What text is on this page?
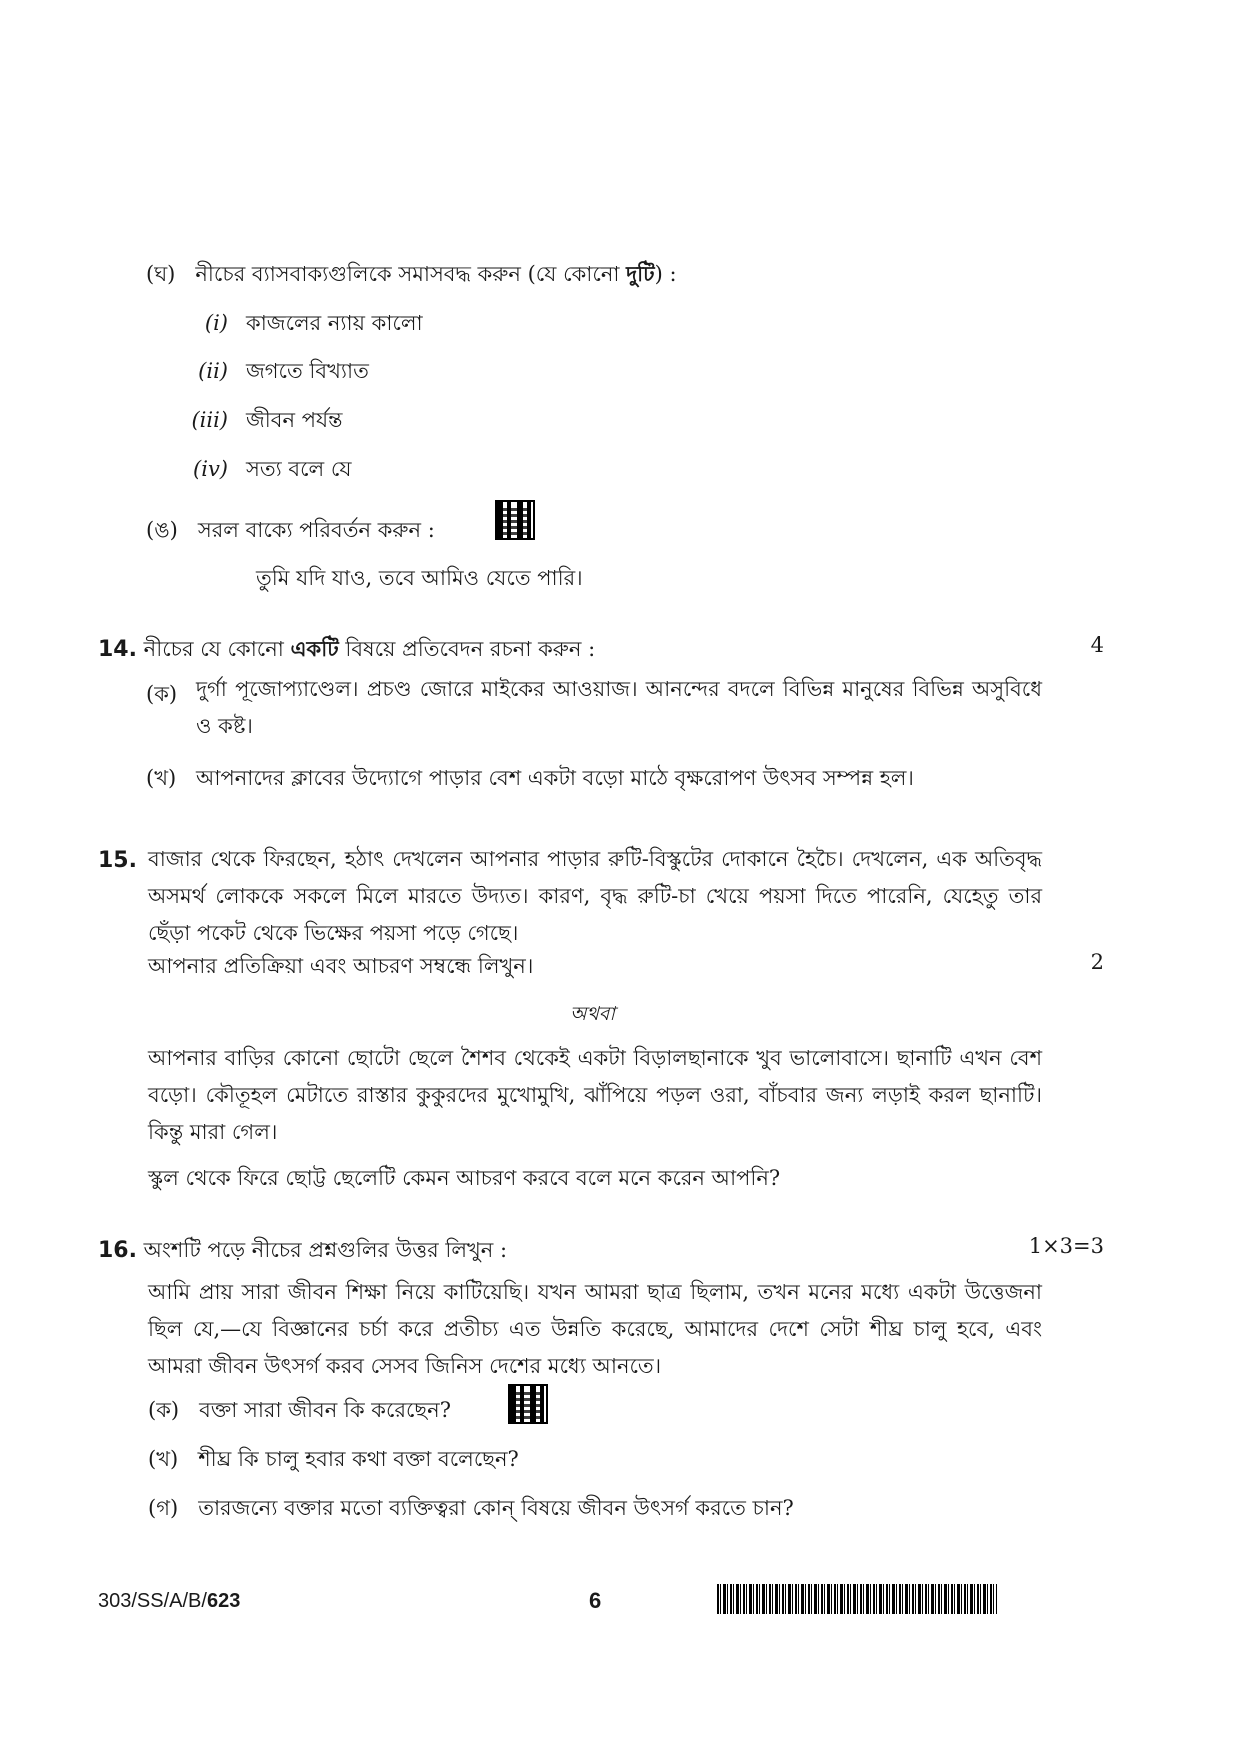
(ঘ) নীচের ব্যাসবাক্যগুলিকে সমাসবদ্ধ করুন (যে কোনো দুটি) :
(i) কাজলের ন্যায় কালো
(ii) জগতে বিখ্যাত
(iii) জীবন পর্যন্ত
(iv) সত্য বলে যে
(ঙ) সরল বাক্যে পরিবর্তন করুন :
তুমি যদি যাও, তবে আমিও যেতে পারি।
14. নীচের যে কোনো একটি বিষয়ে প্রতিবেদন রচনা করুন :	4
(ক) দুর্গা পূজোপ্যাণ্ডেল। প্রচণ্ড জোরে মাইকের আওয়াজ। আনন্দের বদলে বিভিন্ন মানুষের বিভিন্ন অসুবিধে ও কষ্ট।
(খ) আপনাদের ক্লাবের উদ্যোগে পাড়ার বেশ একটা বড়ো মাঠে বৃক্ষরোপণ উৎসব সম্পন্ন হল।
15. বাজার থেকে ফিরছেন, হঠাৎ দেখলেন আপনার পাড়ার রুটি-বিস্কুটের দোকানে হৈচৈ। দেখলেন, এক অতিবৃদ্ধ অসমর্থ লোককে সকলে মিলে মারতে উদ্যত। কারণ, বৃদ্ধ রুটি-চা খেয়ে পয়সা দিতে পারেনি, যেহেতু তার ছেঁড়া পকেট থেকে ভিক্ষের পয়সা পড়ে গেছে।
আপনার প্রতিক্রিয়া এবং আচরণ সম্বন্ধে লিখুন।	2
অথবা
আপনার বাড়ির কোনো ছোটো ছেলে শৈশব থেকেই একটা বিড়ালছানাকে খুব ভালোবাসে। ছানাটি এখন বেশ বড়ো। কৌতূহল মেটাতে রাস্তার কুকুরদের মুখোমুখি, ঝাঁপিয়ে পড়ল ওরা, বাঁচবার জন্য লড়াই করল ছানাটি। কিন্তু মারা গেল।
স্কুল থেকে ফিরে ছোট্ট ছেলেটি কেমন আচরণ করবে বলে মনে করেন আপনি?
16. অংশটি পড়ে নীচের প্রশ্নগুলির উত্তর লিখুন :	1×3=3
আমি প্রায় সারা জীবন শিক্ষা নিয়ে কাটিয়েছি। যখন আমরা ছাত্র ছিলাম, তখন মনের মধ্যে একটা উত্তেজনা ছিল যে,—যে বিজ্ঞানের চর্চা করে প্রতীচ্য এত উন্নতি করেছে, আমাদের দেশে সেটা শীঘ্র চালু হবে, এবং আমরা জীবন উৎসর্গ করব সেসব জিনিস দেশের মধ্যে আনতে।
(ক) বক্তা সারা জীবন কি করেছেন?
(খ) শীঘ্র কি চালু হবার কথা বক্তা বলেছেন?
(গ) তারজন্যে বক্তার মতো ব্যক্তিত্বরা কোন্ বিষয়ে জীবন উৎসর্গ করতে চান?
303/SS/A/B/623	6
